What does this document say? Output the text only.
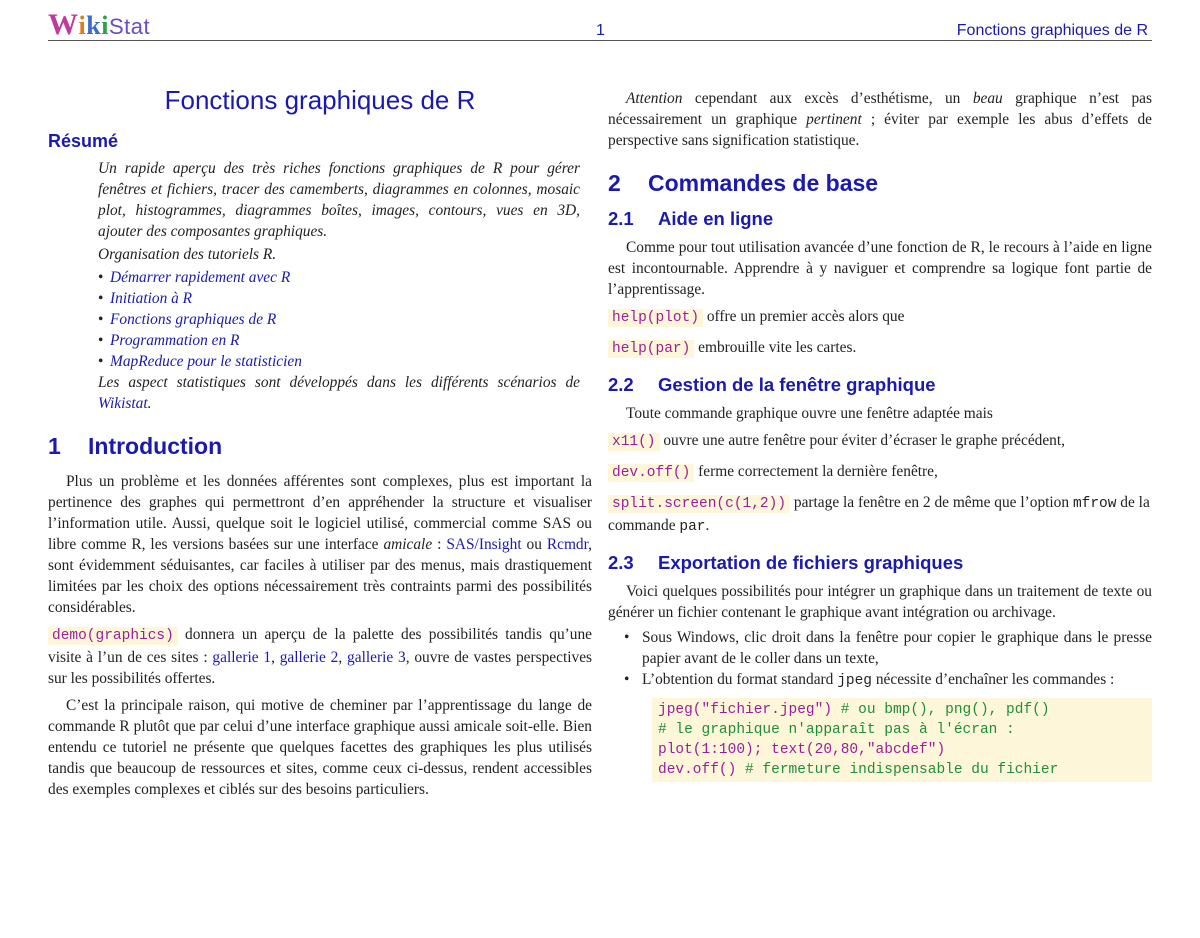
WikiStat	1	Fonctions graphiques de R
Fonctions graphiques de R
Résumé

Un rapide aperçu des très riches fonctions graphiques de R pour gérer fenêtres et fichiers, tracer des camemberts, diagrammes en colonnes, mosaic plot, histogrammes, diagrammes boîtes, images, contours, vues en 3D, ajouter des composantes graphiques.

Organisation des tutoriels R.

• Démarrer rapidement avec R
• Initiation à R
• Fonctions graphiques de R
• Programmation en R
• MapReduce pour le statisticien

Les aspect statistiques sont développés dans les différents scénarios de Wikistat.

1 Introduction

Plus un problème et les données afférentes sont complexes, plus est important la pertinence des graphes qui permettront d’en appréhender la structure et visualiser l’information utile. Aussi, quelque soit le logiciel utilisé, commercial comme SAS ou libre comme R, les versions basées sur une interface amicale : SAS/Insight ou Rcmdr, sont évidemment séduisantes, car faciles à utiliser par des menus, mais drastiquement limitées par les choix des options nécessairement très contraints parmi des possibilités considérables.

demo(graphics) donnera un aperçu de la palette des possibilités tandis qu’une visite à l’un de ces sites : gallerie 1, gallerie 2, gallerie 3, ouvre de vastes perspectives sur les possibilités offertes.

C’est la principale raison, qui motive de cheminer par l’apprentissage du lange de commande R plutôt que par celui d’une interface graphique aussi amicale soit-elle. Bien entendu ce tutoriel ne présente que quelques facettes des graphiques les plus utilisés tandis que beaucoup de ressources et sites, comme ceux ci-dessus, rendent accessibles des exemples complexes et ciblés sur des besoins particuliers.

Attention cependant aux excès d’esthétisme, un beau graphique n’est pas nécessairement un graphique pertinent ; éviter par exemple les abus d’effets de perspective sans signification statistique.

2 Commandes de base
2.1 Aide en ligne

Comme pour tout utilisation avancée d’une fonction de R, le recours à l’aide en ligne est incontournable. Apprendre à y naviguer et comprendre sa logique font partie de l’apprentissage.

help(plot) offre un premier accès alors que
help(par) embrouille vite les cartes.
2.2 Gestion de la fenêtre graphique

Toute commande graphique ouvre une fenêtre adaptée mais

x11() ouvre une autre fenêtre pour éviter d’écraser le graphe précédent,
dev.off() ferme correctement la dernière fenêtre,
split.screen(c(1,2)) partage la fenêtre en 2 de même que l’option mfrow de la commande par.
2.3 Exportation de fichiers graphiques

Voici quelques possibilités pour intégrer un graphique dans un traitement de texte ou générer un fichier contenant le graphique avant intégration ou archivage.

• Sous Windows, clic droit dans la fenêtre pour copier le graphique dans le presse papier avant de le coller dans un texte,
• L’obtention du format standard jpeg nécessite d’enchaîner les commandes :
jpeg("fichier.jpeg") # ou bmp(), png(), pdf()
# le graphique n'apparaît pas à l'écran :
plot(1:100); text(20,80,"abcdef")
dev.off() # fermeture indispensable du fichier
